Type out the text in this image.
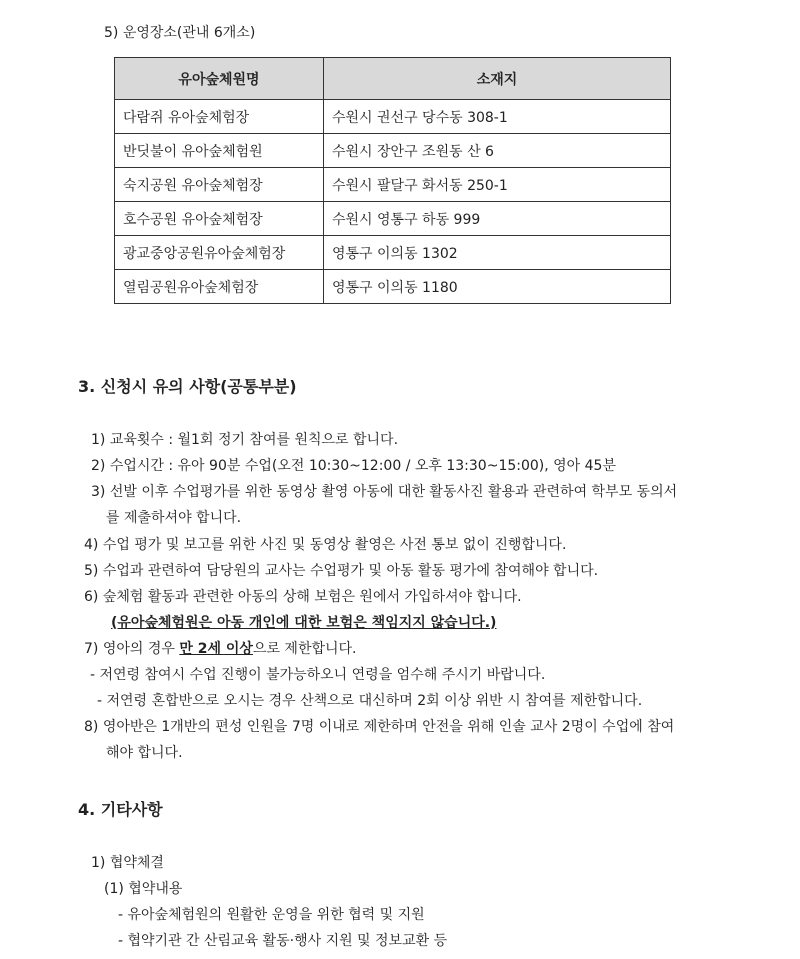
5) 운영장소(관내 6개소)
유아숲체원명	소재지
다람쥐 유아숲체험장	수원시 권선구 당수동 308-1
반딧불이 유아숲체험원	수원시 장안구 조원동 산 6
숙지공원 유아숲체험장	수원시 팔달구 화서동 250-1
호수공원 유아숲체험장	수원시 영통구 하동 999
광교중앙공원유아숲체험장	영통구 이의동 1302
열림공원유아숲체험장	영통구 이의동 1180
3. 신청시 유의 사항(공통부분)
1) 교육횟수 : 월1회 정기 참여를 원칙으로 합니다.
2) 수업시간 : 유아 90분 수업(오전 10:30~12:00 / 오후 13:30~15:00), 영아 45분
3) 선발 이후 수업평가를 위한 동영상 촬영 아동에 대한 활동사진 활용과 관련하여 학부모 동의서
를 제출하셔야 합니다.
4) 수업 평가 및 보고를 위한 사진 및 동영상 촬영은 사전 통보 없이 진행합니다.
5) 수업과 관련하여 담당원의 교사는 수업평가 및 아동 활동 평가에 참여해야 합니다.
6) 숲체험 활동과 관련한 아동의 상해 보험은 원에서 가입하셔야 합니다.
(유아숲체험원은 아동 개인에 대한 보험은 책임지지 않습니다.)
7) 영아의 경우 만 2세 이상으로 제한합니다.
- 저연령 참여시 수업 진행이 불가능하오니 연령을 엄수해 주시기 바랍니다.
- 저연령 혼합반으로 오시는 경우 산책으로 대신하며 2회 이상 위반 시 참여를 제한합니다.
8) 영아반은 1개반의 편성 인원을 7명 이내로 제한하며 안전을 위해 인솔 교사 2명이 수업에 참여
해야 합니다.
4. 기타사항
1) 협약체결
(1) 협약내용
- 유아숲체험원의 원활한 운영을 위한 협력 및 지원
- 협약기관 간 산림교육 활동·행사 지원 및 정보교환 등
